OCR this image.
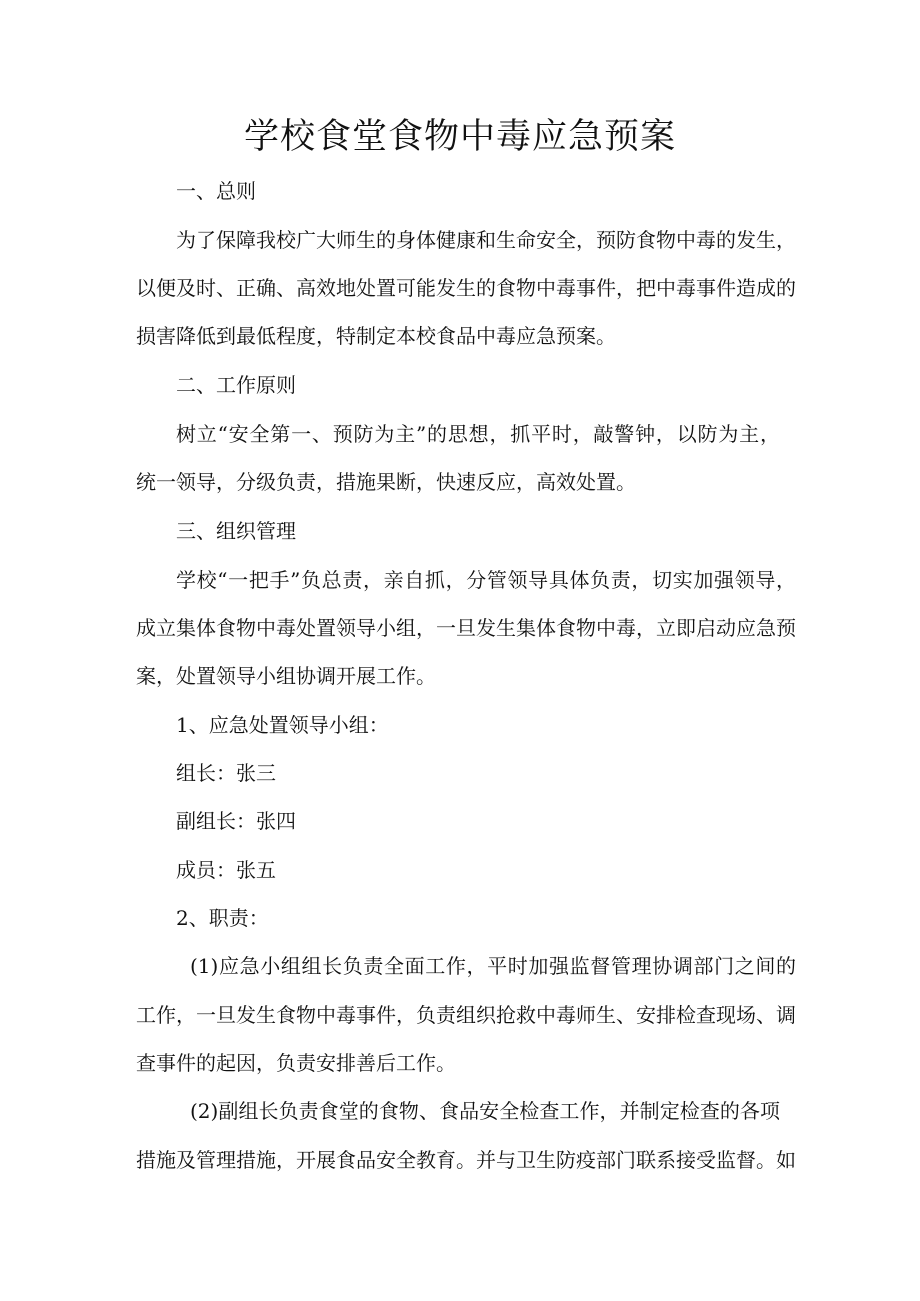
学校食堂食物中毒应急预案
一、总则
为了保障我校广大师生的身体健康和生命安全，预防食物中毒的发生，
以便及时、正确、高效地处置可能发生的食物中毒事件，把中毒事件造成的
损害降低到最低程度，特制定本校食品中毒应急预案。
二、工作原则
树立“安全第一、预防为主”的思想，抓平时，敲警钟，以防为主，
统一领导，分级负责，措施果断，快速反应，高效处置。
三、组织管理
学校“一把手”负总责，亲自抓，分管领导具体负责，切实加强领导，
成立集体食物中毒处置领导小组，一旦发生集体食物中毒，立即启动应急预
案，处置领导小组协调开展工作。
1、应急处置领导小组：
组长：张三
副组长：张四
成员：张五
2、职责：
(1)应急小组组长负责全面工作，平时加强监督管理协调部门之间的
工作，一旦发生食物中毒事件，负责组织抢救中毒师生、安排检查现场、调
查事件的起因，负责安排善后工作。
(2)副组长负责食堂的食物、食品安全检查工作，并制定检查的各项
措施及管理措施，开展食品安全教育。并与卫生防疫部门联系接受监督。如
